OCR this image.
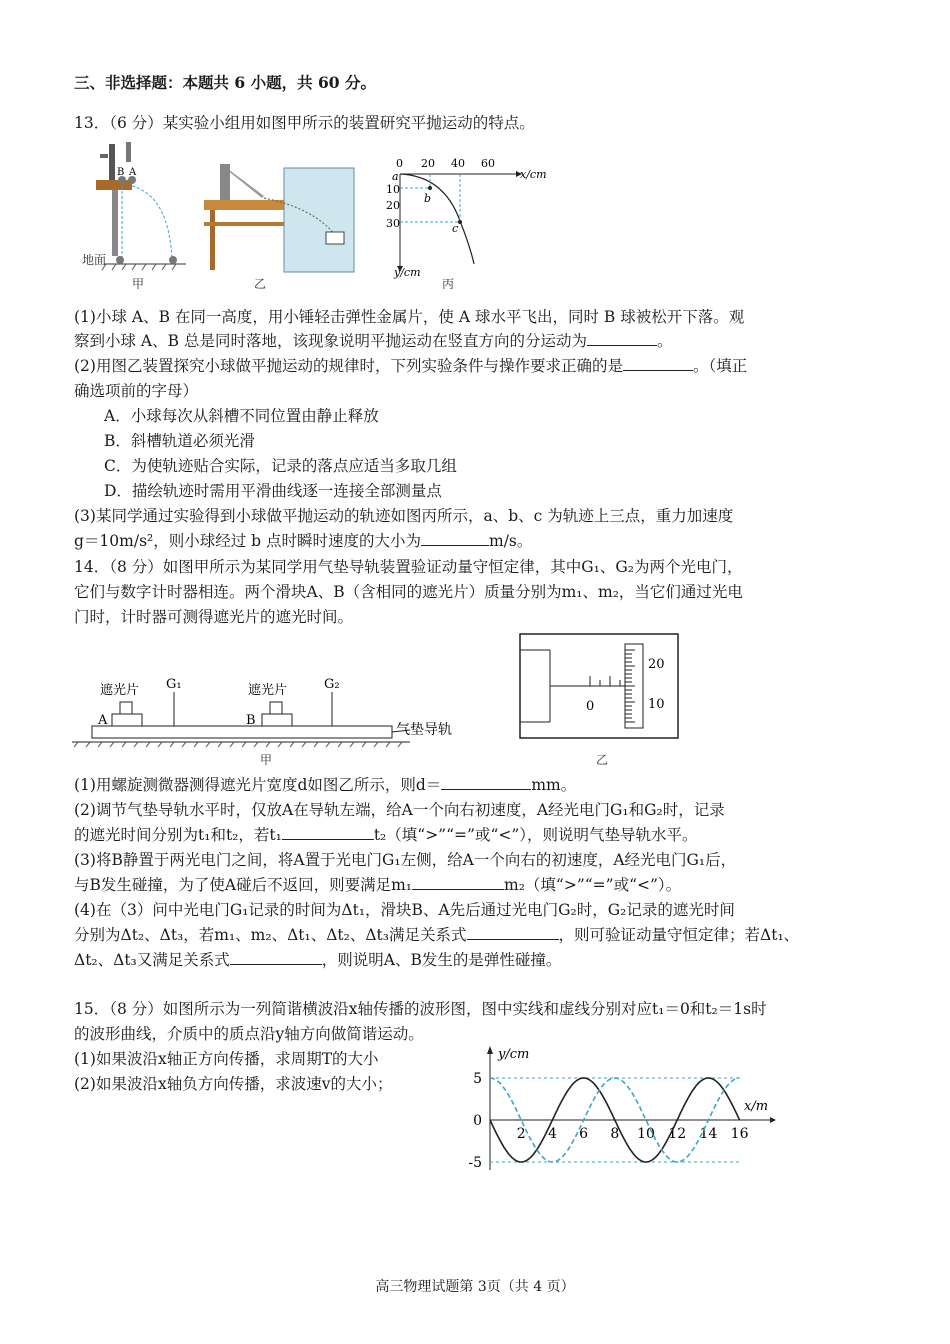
三、非选择题：本题共 6 小题，共 60 分。
13．（6 分）某实验小组用如图甲所示的装置研究平抛运动的特点。
B A
地面
甲	乙
0 20 40 60
x/cm
10
20
30
y/cm
a
b
c
丙
(1)小球 A、B 在同一高度，用小锤轻击弹性金属片，使 A 球水平飞出，同时 B 球被松开下落。观
察到小球 A、B 总是同时落地，该现象说明平抛运动在竖直方向的分运动为	。
(2)用图乙装置探究小球做平抛运动的规律时，下列实验条件与操作要求正确的是	。（填正
确选项前的字母）
A．小球每次从斜槽不同位置由静止释放
B．斜槽轨道必须光滑
C．为使轨迹贴合实际，记录的落点应适当多取几组
D．描绘轨迹时需用平滑曲线逐一连接全部测量点
(3)某同学通过实验得到小球做平抛运动的轨迹如图丙所示，a、b、c 为轨迹上三点，重力加速度
g＝10m/s²，则小球经过 b 点时瞬时速度的大小为	m/s。
14．（8 分）如图甲所示为某同学用气垫导轨装置验证动量守恒定律，其中G₁、G₂为两个光电门，
它们与数字计时器相连。两个滑块A、B（含相同的遮光片）质量分别为m₁、m₂，当它们通过光电
门时，计时器可测得遮光片的遮光时间。
气垫导轨
A
遮光片
B
遮光片
G₁	G₂
甲
20
10
0
乙
(1)用螺旋测微器测得遮光片宽度d如图乙所示，则d＝	mm。
(2)调节气垫导轨水平时，仅放A在导轨左端，给A一个向右初速度，A经光电门G₁和G₂时，记录
的遮光时间分别为t₁和t₂，若t₁	t₂（填“>”“=”或“<”），则说明气垫导轨水平。
(3)将B静置于两光电门之间，将A置于光电门G₁左侧，给A一个向右的初速度，A经光电门G₁后，
与B发生碰撞，为了使A碰后不返回，则要满足m₁	m₂（填“>”“=”或“<”）。
(4)在（3）问中光电门G₁记录的时间为Δt₁，滑块B、A先后通过光电门G₂时，G₂记录的遮光时间
分别为Δt₂、Δt₃，若m₁、m₂、Δt₁、Δt₂、Δt₃满足关系式	，则可验证动量守恒定律；若Δt₁、
Δt₂、Δt₃又满足关系式	，则说明A、B发生的是弹性碰撞。
15．（8 分）如图所示为一列简谐横波沿x轴传播的波形图，图中实线和虚线分别对应t₁＝0和t₂＝1s时
的波形曲线，介质中的质点沿y轴方向做简谐运动。
(1)如果波沿x轴正方向传播，求周期T的大小
(2)如果波沿x轴负方向传播，求波速v的大小；
y/cm
x/m
5
0
-5
2 4 6 8 10 12 14 16
高三物理试题第 3页（共 4 页）
